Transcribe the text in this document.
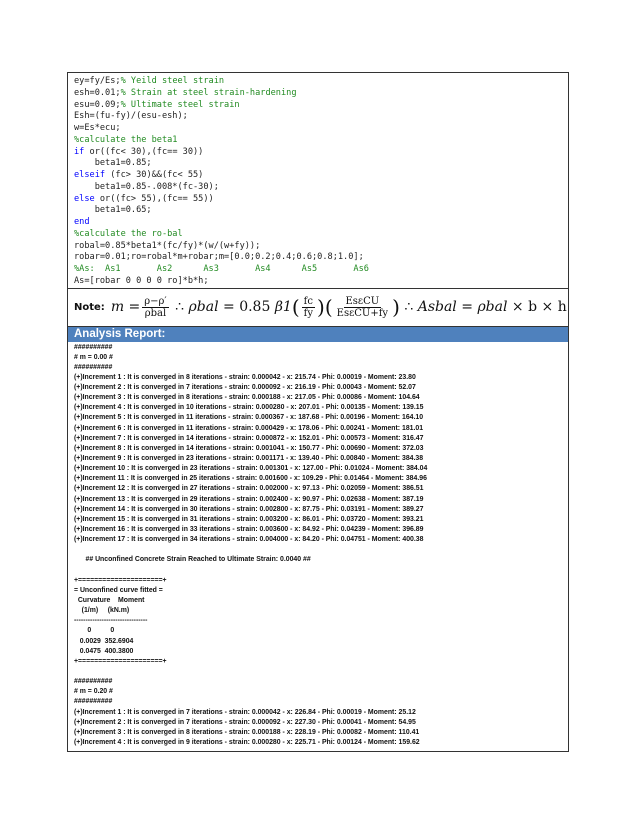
ey=fy/Es;% Yeild steel strain
esh=0.01;% Strain at steel strain-hardening
esu=0.09;% Ultimate steel strain
Esh=(fu-fy)/(esu-esh);
w=Es*ecu;
%calculate the beta1
if or((fc< 30),(fc== 30))
beta1=0.85;
elseif (fc> 30)&&(fc< 55)
beta1=0.85-.008*(fc-30);
else or((fc> 55),(fc== 55))
beta1=0.65;
end
%calculate the ro-bal
robal=0.85*beta1*(fc/fy)*(w/(w+fy));
robar=0.01;ro=robal*m+robar;m=[0.0;0.2;0.4;0.6;0.8;1.0];
%As:  As1       As2      As3       As4      As5       As6
As=[robar 0 0 0 0 ro]*b*h;
Note: m
= $\frac{\rho-\rho'}{\text{ρbal}}$
∴
ρbal
= 0.85
β1 ( $\frac{fc}{fy}$ ) ( $\frac{\text{EsεCU}}{\text{EsεCU+fy}}$ )
∴
Asbal
=
ρbal
× b × h
Analysis Report:
##########
# m = 0.00 #
##########
(+)Increment 1 : It is converged in 8 iterations - strain: 0.000042 - x: 215.74 - Phi: 0.00019 - Moment: 23.80
(+)Increment 2 : It is converged in 7 iterations - strain: 0.000092 - x: 216.19 - Phi: 0.00043 - Moment: 52.07
(+)Increment 3 : It is converged in 8 iterations - strain: 0.000188 - x: 217.05 - Phi: 0.00086 - Moment: 104.64
(+)Increment 4 : It is converged in 10 iterations - strain: 0.000280 - x: 207.01 - Phi: 0.00135 - Moment: 139.15
(+)Increment 5 : It is converged in 11 iterations - strain: 0.000367 - x: 187.68 - Phi: 0.00196 - Moment: 164.10
(+)Increment 6 : It is converged in 11 iterations - strain: 0.000429 - x: 178.06 - Phi: 0.00241 - Moment: 181.01
(+)Increment 7 : It is converged in 14 iterations - strain: 0.000872 - x: 152.01 - Phi: 0.00573 - Moment: 316.47
(+)Increment 8 : It is converged in 14 iterations - strain: 0.001041 - x: 150.77 - Phi: 0.00690 - Moment: 372.03
(+)Increment 9 : It is converged in 23 iterations - strain: 0.001171 - x: 139.40 - Phi: 0.00840 - Moment: 384.38
(+)Increment 10 : It is converged in 23 iterations - strain: 0.001301 - x: 127.00 - Phi: 0.01024 - Moment: 384.04
(+)Increment 11 : It is converged in 25 iterations - strain: 0.001600 - x: 109.29 - Phi: 0.01464 - Moment: 384.96
(+)Increment 12 : It is converged in 27 iterations - strain: 0.002000 - x: 97.13 - Phi: 0.02059 - Moment: 386.51
(+)Increment 13 : It is converged in 29 iterations - strain: 0.002400 - x: 90.97 - Phi: 0.02638 - Moment: 387.19
(+)Increment 14 : It is converged in 30 iterations - strain: 0.002800 - x: 87.75 - Phi: 0.03191 - Moment: 389.27
(+)Increment 15 : It is converged in 31 iterations - strain: 0.003200 - x: 86.01 - Phi: 0.03720 - Moment: 393.21
(+)Increment 16 : It is converged in 33 iterations - strain: 0.003600 - x: 84.92 - Phi: 0.04239 - Moment: 396.89
(+)Increment 17 : It is converged in 34 iterations - strain: 0.004000 - x: 84.20 - Phi: 0.04751 - Moment: 400.38
## Unconfined Concrete Strain Reached to Ultimate Strain: 0.0040 ##
+=====================+
= Unconfined curve fitted =
Curvature    Moment
(1/m)     (kN.m)
--------------------------------
0          0
0.0029  352.6904
0.0475  400.3800
+=====================+
##########
# m = 0.20 #
##########
(+)Increment 1 : It is converged in 7 iterations - strain: 0.000042 - x: 226.84 - Phi: 0.00019 - Moment: 25.12
(+)Increment 2 : It is converged in 7 iterations - strain: 0.000092 - x: 227.30 - Phi: 0.00041 - Moment: 54.95
(+)Increment 3 : It is converged in 8 iterations - strain: 0.000188 - x: 228.19 - Phi: 0.00082 - Moment: 110.41
(+)Increment 4 : It is converged in 9 iterations - strain: 0.000280 - x: 225.71 - Phi: 0.00124 - Moment: 159.62
